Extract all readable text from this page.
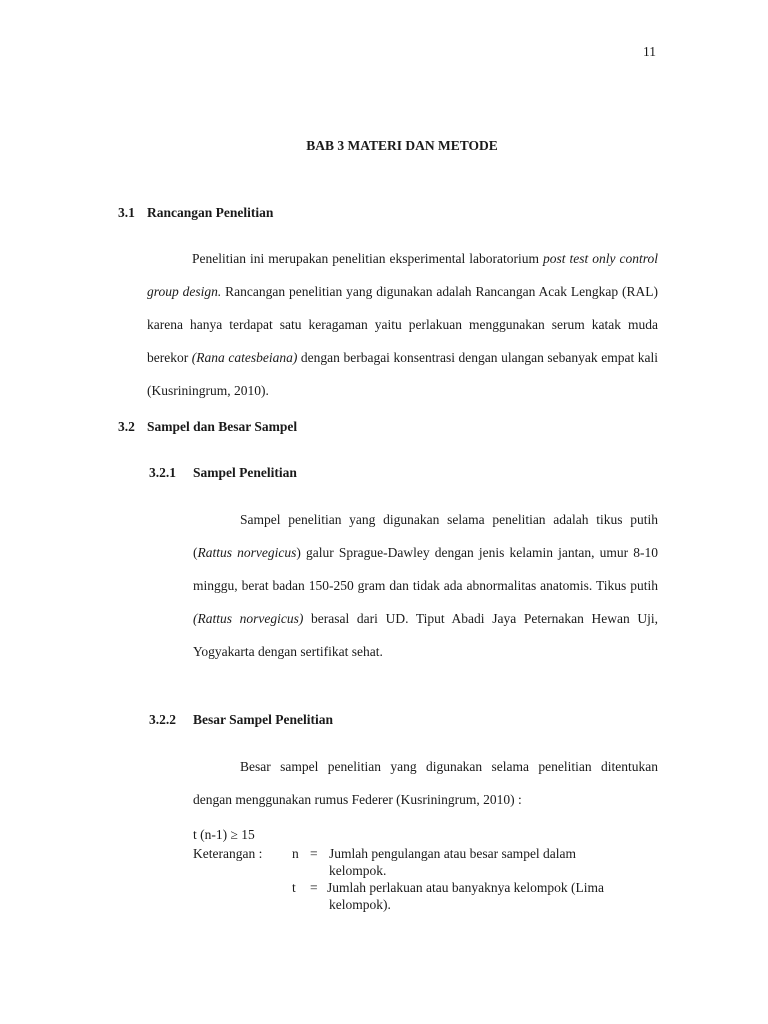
11
BAB 3 MATERI DAN METODE
3.1 Rancangan Penelitian

Penelitian ini merupakan penelitian eksperimental laboratorium post test only control group design. Rancangan penelitian yang digunakan adalah Rancangan Acak Lengkap (RAL) karena hanya terdapat satu keragaman yaitu perlakuan menggunakan serum katak muda berekor (Rana catesbeiana) dengan berbagai konsentrasi dengan ulangan sebanyak empat kali (Kusriningrum, 2010).

3.2 Sampel dan Besar Sampel
3.2.1 Sampel Penelitian

Sampel penelitian yang digunakan selama penelitian adalah tikus putih (Rattus norvegicus) galur Sprague-Dawley dengan jenis kelamin jantan, umur 8-10 minggu, berat badan 150-250 gram dan tidak ada abnormalitas anatomis. Tikus putih (Rattus norvegicus) berasal dari UD. Tiput Abadi Jaya Peternakan Hewan Uji, Yogyakarta dengan sertifikat sehat.

3.2.2 Besar Sampel Penelitian

Besar sampel penelitian yang digunakan selama penelitian ditentukan dengan menggunakan rumus Federer (Kusriningrum, 2010) :

t (n-1) ≥ 15
Keterangan : n = Jumlah pengulangan atau besar sampel dalam
kelompok.
t = Jumlah perlakuan atau banyaknya kelompok (Lima
kelompok).
